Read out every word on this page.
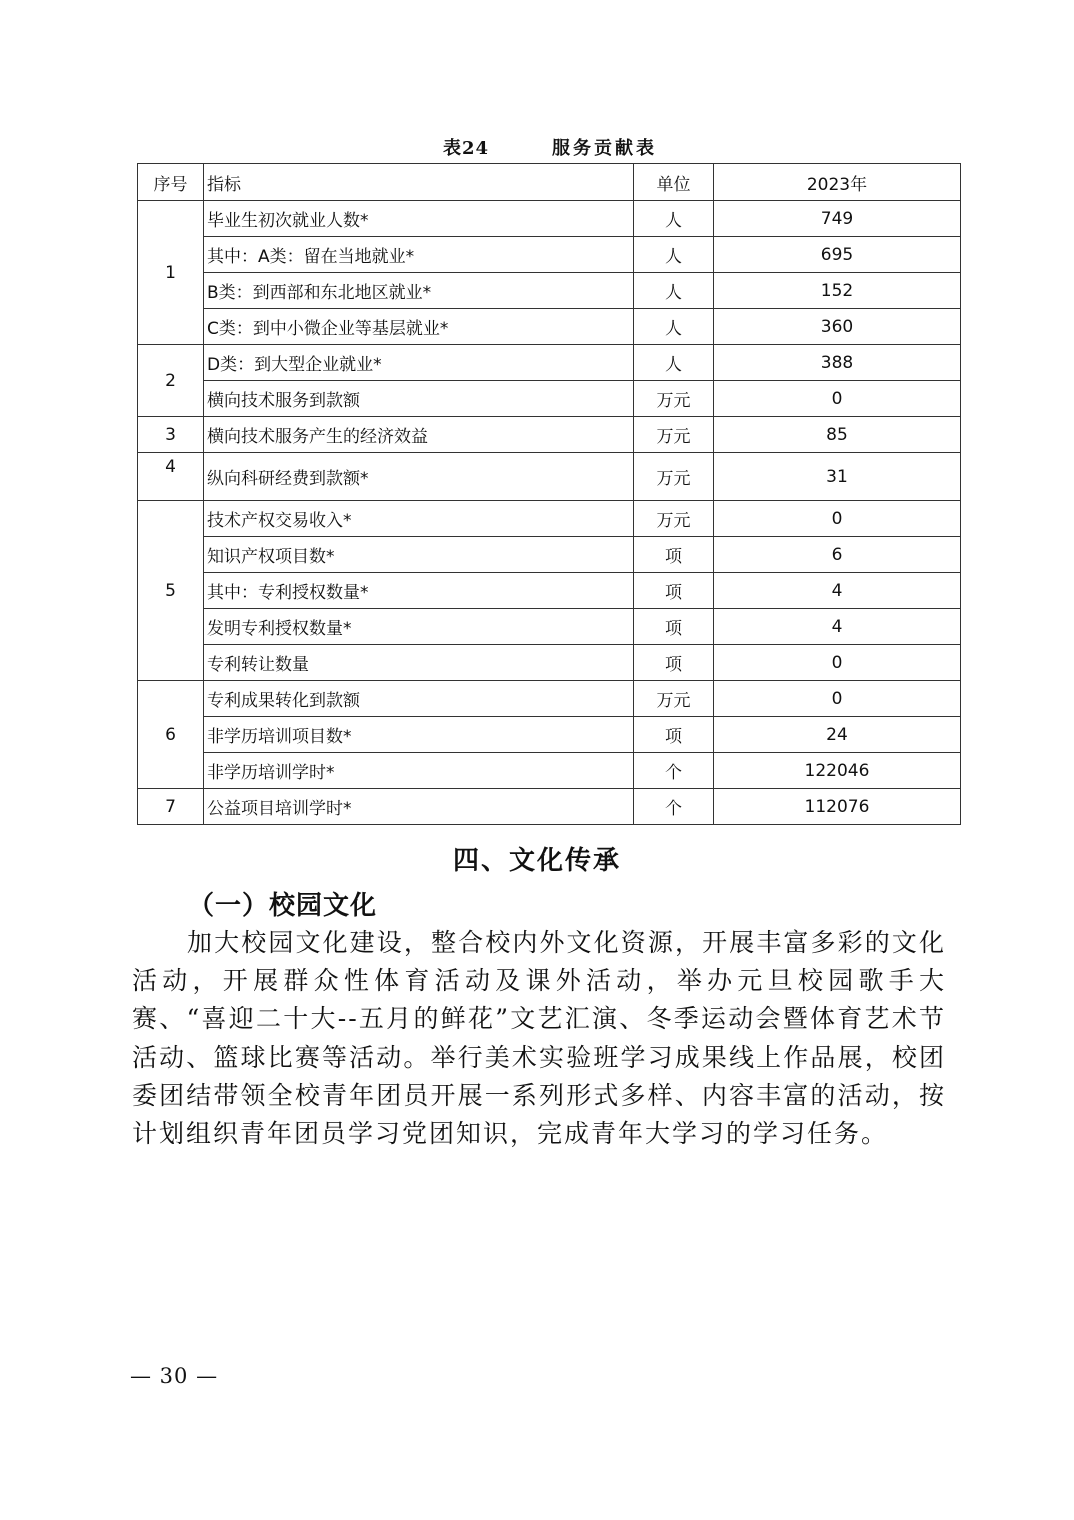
表24	服务贡献表
序号	指标	单位	2023年
1	毕业生初次就业人数*	人	749
	其中：A类：留在当地就业*	人	695
	B类：到西部和东北地区就业*	人	152
	C类：到中小微企业等基层就业*	人	360
2	D类：到大型企业就业*	人	388
	横向技术服务到款额	万元	0
3	横向技术服务产生的经济效益	万元	85
4	纵向科研经费到款额*	万元	31
5	技术产权交易收入*	万元	0
	知识产权项目数*	项	6
	其中：专利授权数量*	项	4
	发明专利授权数量*	项	4
	专利转让数量	项	0
6	专利成果转化到款额	万元	0
	非学历培训项目数*	项	24
	非学历培训学时*	个	122046
7	公益项目培训学时*	个	112076
四、文化传承
（一）校园文化
加大校园文化建设，整合校内外文化资源，开展丰富多彩的文化活动，开展群众性体育活动及课外活动，举办元旦校园歌手大赛、“喜迎二十大--五月的鲜花”文艺汇演、冬季运动会暨体育艺术节活动、篮球比赛等活动。举行美术实验班学习成果线上作品展，校团委团结带领全校青年团员开展一系列形式多样、内容丰富的活动，按计划组织青年团员学习党团知识，完成青年大学习的学习任务。
— 30 —
